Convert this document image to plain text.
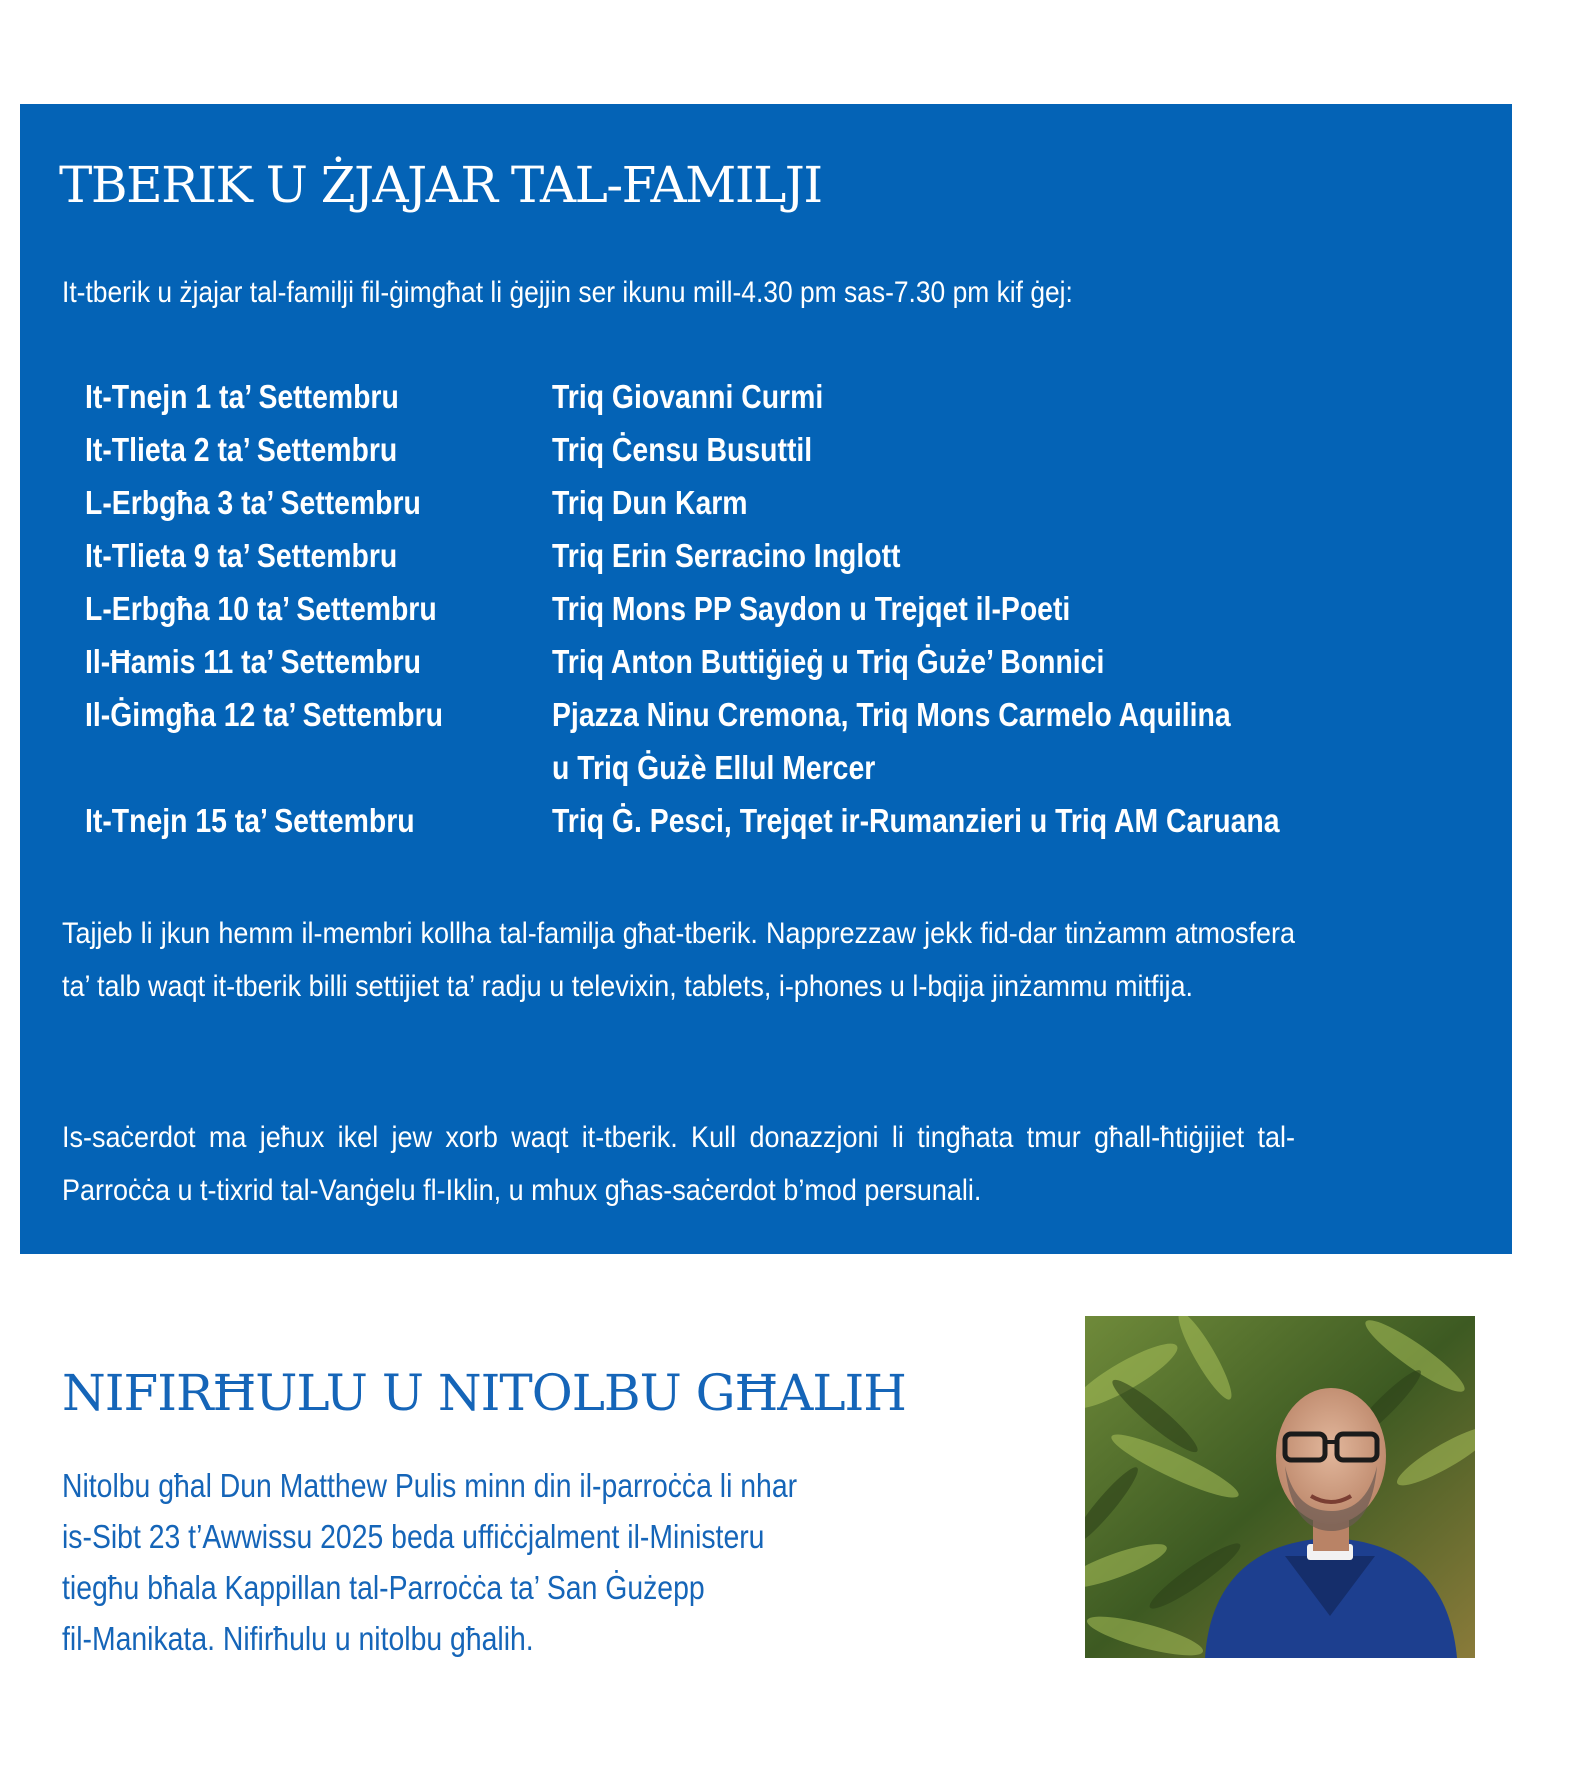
TBERIK U ŻJAJAR TAL-FAMILJI

It-tberik u żjajar tal-familji fil-ġimgħat li ġejjin ser ikunu mill-4.30 pm sas-7.30 pm kif ġej:

It-Tnejn 1 ta’ Settembru	Triq Giovanni Curmi
It-Tlieta 2 ta’ Settembru	Triq Ċensu Busuttil
L-Erbgħa 3 ta’ Settembru	Triq Dun Karm
It-Tlieta 9 ta’ Settembru	Triq Erin Serracino Inglott
L-Erbgħa 10 ta’ Settembru	Triq Mons PP Saydon u Trejqet il-Poeti
Il-Ħamis 11 ta’ Settembru	Triq Anton Buttiġieġ u Triq Ġuże’ Bonnici
Il-Ġimgħa 12 ta’ Settembru	Pjazza Ninu Cremona, Triq Mons Carmelo Aquilina
u Triq Ġużè Ellul Mercer
It-Tnejn 15 ta’ Settembru	Triq Ġ. Pesci, Trejqet ir-Rumanzieri u Triq AM Caruana

Tajjeb li jkun hemm il-membri kollha tal-familja għat-tberik. Napprezzaw jekk fid-dar tinżamm atmosfera ta’ talb waqt it-tberik billi settijiet ta’ radju u televixin, tablets, i-phones u l-bqija jinżammu mitfija.

Is-saċerdot ma jeħux ikel jew xorb waqt it-tberik. Kull donazzjoni li tingħata tmur għall-ħtiġijiet tal-Parroċċa u t-tixrid tal-Vanġelu fl-Iklin, u mhux għas-saċerdot b’mod persunali.

NIFIRĦULU U NITOLBU GĦALIH

Nitolbu għal Dun Matthew Pulis minn din il-parroċċa li nhar
is-Sibt 23 t’Awwissu 2025 beda uffiċċjalment il-Ministeru
tiegħu bħala Kappillan tal-Parroċċa ta’ San Ġużepp
fil-Manikata. Nifirħulu u nitolbu għalih.
